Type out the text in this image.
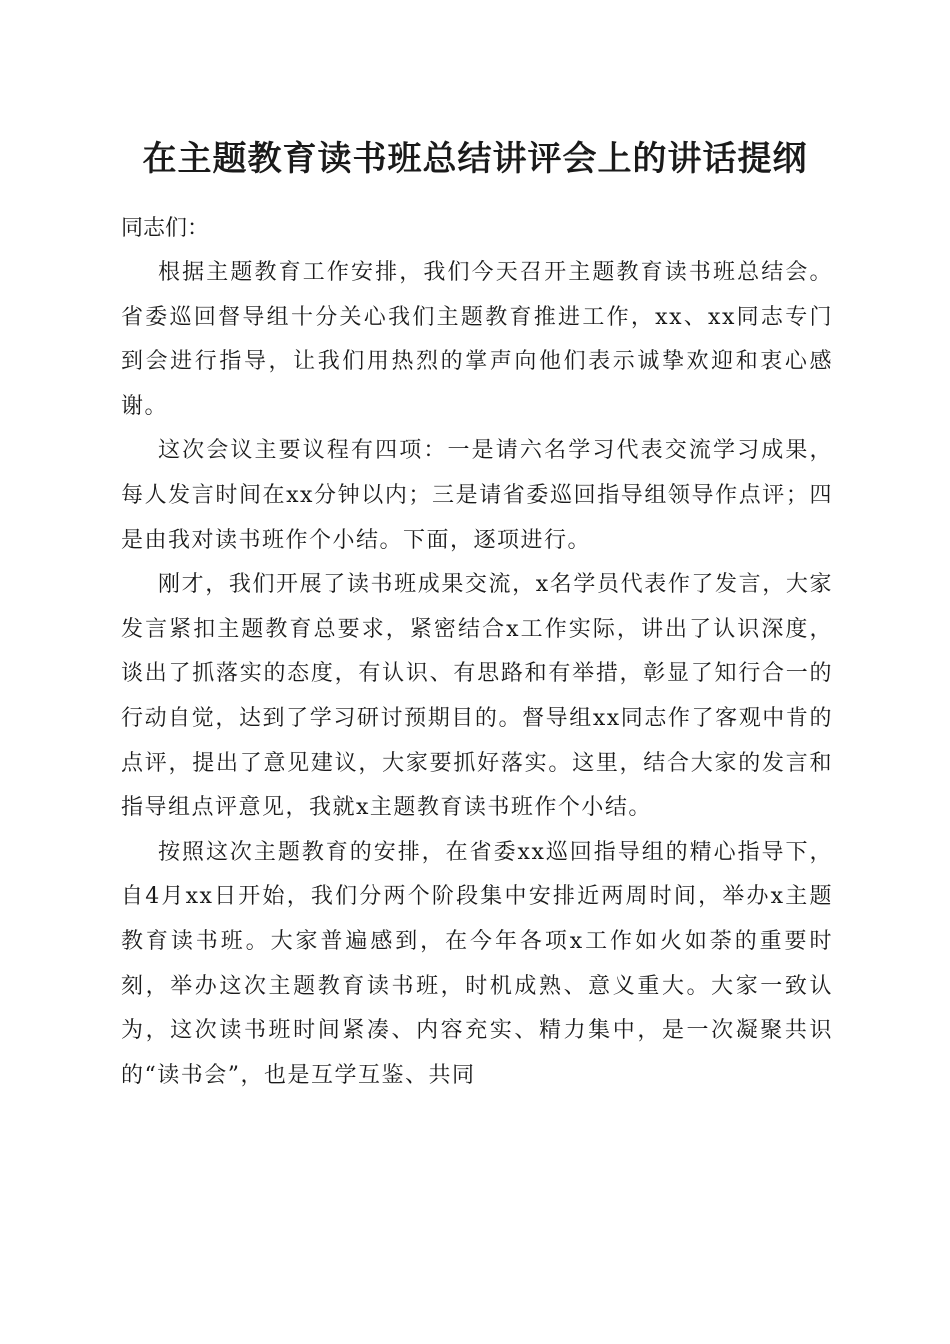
在主题教育读书班总结讲评会上的讲话提纲

同志们：

根据主题教育工作安排，我们今天召开主题教育读书班总结会。省委巡回督导组十分关心我们主题教育推进工作，xx、xx同志专门到会进行指导，让我们用热烈的掌声向他们表示诚挚欢迎和衷心感谢。

这次会议主要议程有四项：一是请六名学习代表交流学习成果，每人发言时间在xx分钟以内；三是请省委巡回指导组领导作点评；四是由我对读书班作个小结。下面，逐项进行。

刚才，我们开展了读书班成果交流，x名学员代表作了发言，大家发言紧扣主题教育总要求，紧密结合x工作实际，讲出了认识深度，谈出了抓落实的态度，有认识、有思路和有举措，彰显了知行合一的行动自觉，达到了学习研讨预期目的。督导组xx同志作了客观中肯的点评，提出了意见建议，大家要抓好落实。这里，结合大家的发言和指导组点评意见，我就x主题教育读书班作个小结。

按照这次主题教育的安排，在省委xx巡回指导组的精心指导下，自4月xx日开始，我们分两个阶段集中安排近两周时间，举办x主题教育读书班。大家普遍感到，在今年各项x工作如火如荼的重要时刻，举办这次主题教育读书班，时机成熟、意义重大。大家一致认为，这次读书班时间紧凑、内容充实、精力集中，是一次凝聚共识的“读书会”，也是互学互鉴、共同
